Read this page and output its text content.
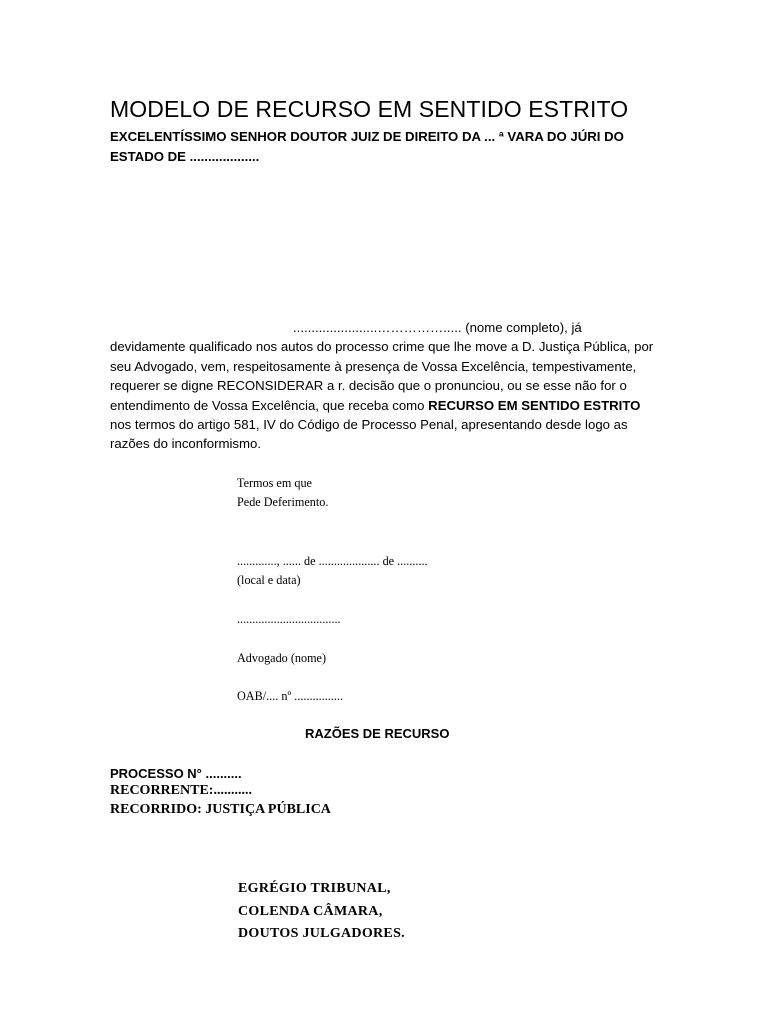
MODELO DE RECURSO EM SENTIDO ESTRITO

EXCELENTÍSSIMO SENHOR DOUTOR JUIZ DE DIREITO DA ... ª VARA DO JÚRI DO ESTADO DE ...................

.......................……………..... (nome completo), já
devidamente qualificado nos autos do processo crime que lhe move a D. Justiça Pública, por seu Advogado, vem, respeitosamente à presença de Vossa Excelência, tempestivamente, requerer se digne RECONSIDERAR a r. decisão que o pronunciou, ou se esse não for o entendimento de Vossa Excelência, que receba como RECURSO EM SENTIDO ESTRITO nos termos do artigo 581, IV do Código de Processo Penal, apresentando desde logo as razões do inconformismo.

Termos em que

Pede Deferimento.

............., ...... de .................... de ..........

(local e data)

..................................

Advogado (nome)

OAB/.... nº ................

RAZÕES DE RECURSO

PROCESSO N° ..........

RECORRENTE:...........

RECORRIDO: JUSTIÇA PÚBLICA

EGRÉGIO TRIBUNAL,
COLENDA CÂMARA,
DOUTOS JULGADORES.
